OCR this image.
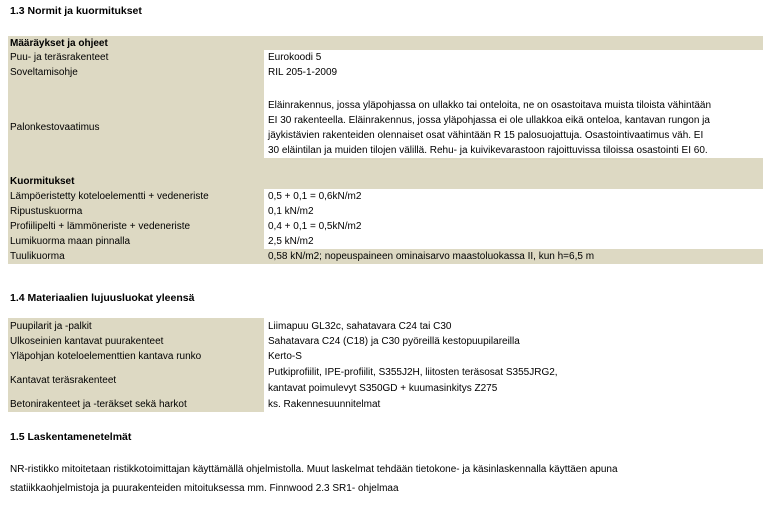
1.3 Normit ja kuormitukset
Määräykset ja ohjeet
Puu- ja teräsrakenteet	Eurokoodi 5
Soveltamisohje	RIL 205-1-2009
Palonkestovaatimus
Eläinrakennus, jossa yläpohjassa on ullakko tai onteloita, ne on osastoitava muista tiloista vähintään
EI 30 rakenteella. Eläinrakennus, jossa yläpohjassa ei ole ullakkoa eikä onteloa, kantavan rungon ja
jäykistävien rakenteiden olennaiset osat vähintään R 15 palosuojattuja. Osastointivaatimus väh. EI
30 eläintilan ja muiden tilojen välillä. Rehu- ja kuivikevarastoon rajoittuvissa tiloissa osastointi EI 60.
Kuormitukset
Lämpöeristetty koteloelementti + vedeneriste	0,5 + 0,1 = 0,6kN/m2
Ripustuskuorma	0,1 kN/m2
Profiilipelti + lämmöneriste + vedeneriste	0,4 + 0,1 = 0,5kN/m2
Lumikuorma maan pinnalla	2,5 kN/m2
Tuulikuorma	0,58 kN/m2; nopeuspaineen ominaisarvo maastoluokassa II, kun h=6,5 m
1.4 Materiaalien lujuusluokat yleensä
Puupilarit ja -palkit	Liimapuu GL32c, sahatavara C24 tai C30
Ulkoseinien kantavat puurakenteet	Sahatavara C24 (C18) ja C30 pyöreillä kestopuupilareilla
Yläpohjan koteloelementtien kantava runko	Kerto-S
Kantavat teräsrakenteet
Putkiprofiilit, IPE-profiilit, S355J2H, liitosten teräsosat S355JRG2,
kantavat poimulevyt S350GD + kuumasinkitys Z275
Betonirakenteet ja -teräkset sekä harkot	ks. Rakennesuunnitelmat
1.5 Laskentamenetelmät
NR-ristikko mitoitetaan ristikkotoimittajan käyttämällä ohjelmistolla. Muut laskelmat tehdään tietokone- ja käsinlaskennalla käyttäen apuna
statiikkaohjelmistoja ja puurakenteiden mitoituksessa mm. Finnwood 2.3 SR1- ohjelmaa
